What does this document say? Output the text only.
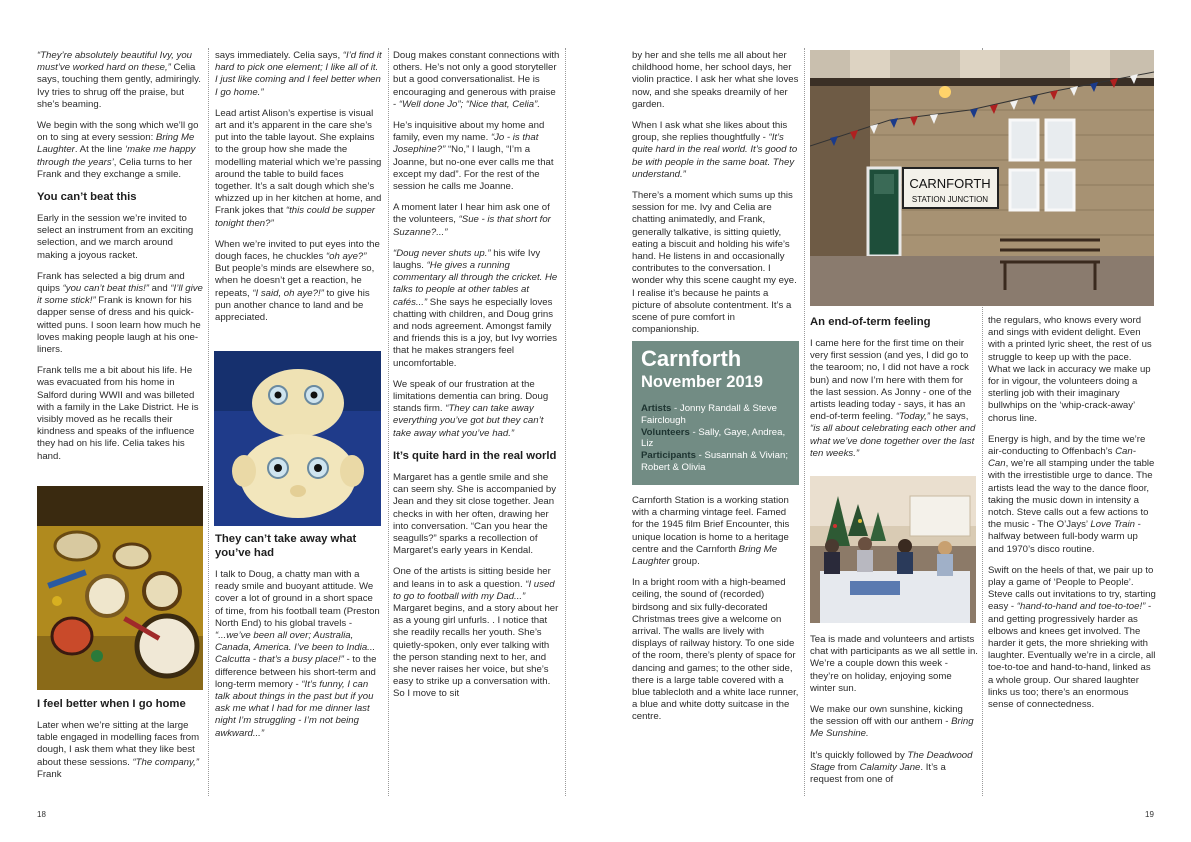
“They’re absolutely beautiful Ivy, you must’ve worked hard on these,” Celia says, touching them gently, admiringly. Ivy tries to shrug off the praise, but she’s beaming.

We begin with the song which we’ll go on to sing at every session: Bring Me Laughter. At the line ‘make me happy through the years’, Celia turns to her Frank and they exchange a smile.

You can’t beat this

Early in the session we’re invited to select an instrument from an exciting selection, and we march around making a joyous racket.

Frank has selected a big drum and quips “you can’t beat this!” and “I’ll give it some stick!” Frank is known for his dapper sense of dress and his quick-witted puns. I soon learn how much he loves making people laugh at his one-liners.

Frank tells me a bit about his life. He was evacuated from his home in Salford during WWII and was billeted with a family in the Lake District. He is visibly moved as he recalls their kindness and speaks of the influence they had on his life. Celia takes his hand.

I feel better when I go home

Later when we’re sitting at the large table engaged in modelling faces from dough, I ask them what they like best about these sessions. “The company,” Frank

says immediately. Celia says, “I’d find it hard to pick one element; I like all of it. I just like coming and I feel better when I go home.”

Lead artist Alison’s expertise is visual art and it’s apparent in the care she’s put into the table layout. She explains to the group how she made the modelling material which we’re passing around the table to build faces together. It’s a salt dough which she’s whizzed up in her kitchen at home, and Frank jokes that “this could be supper tonight then?”

When we’re invited to put eyes into the dough faces, he chuckles “oh aye?” But people’s minds are elsewhere so, when he doesn’t get a reaction, he repeats, “I said, oh aye?!” to give his pun another chance to land and be appreciated.

They can’t take away what you’ve had

I talk to Doug, a chatty man with a ready smile and buoyant attitude. We cover a lot of ground in a short space of time, from his football team (Preston North End) to his global travels - “...we’ve been all over; Australia, Canada, America. I’ve been to India... Calcutta - that’s a busy place!” - to the difference between his short-term and long-term memory - “It’s funny, I can talk about things in the past but if you ask me what I had for me dinner last night I’m struggling - I’m not being awkward...”

Doug makes constant connections with others. He’s not only a good storyteller but a good conversationalist. He is encouraging and generous with praise - “Well done Jo”; “Nice that, Celia”.

He’s inquisitive about my home and family, even my name. “Jo - is that Josephine?” “No,” I laugh, “I’m a Joanne, but no-one ever calls me that except my dad”. For the rest of the session he calls me Joanne.

A moment later I hear him ask one of the volunteers, “Sue - is that short for Suzanne?...”

“Doug never shuts up.” his wife Ivy laughs. “He gives a running commentary all through the cricket. He talks to people at other tables at cafés...” She says he especially loves chatting with children, and Doug grins and nods agreement. Amongst family and friends this is a joy, but Ivy worries that he makes strangers feel uncomfortable.

We speak of our frustration at the limitations dementia can bring. Doug stands firm. “They can take away everything you’ve got but they can’t take away what you’ve had.”

It’s quite hard in the real world

Margaret has a gentle smile and she can seem shy. She is accompanied by Jean and they sit close together. Jean checks in with her often, drawing her into conversation. “Can you hear the seagulls?” sparks a recollection of Margaret’s early years in Kendal.

One of the artists is sitting beside her and leans in to ask a question. “I used to go to football with my Dad...” Margaret begins, and a story about her as a young girl unfurls. . I notice that she readily recalls her youth. She’s quietly-spoken, only ever talking with the person standing next to her, and she never raises her voice, but she’s easy to strike up a conversation with. So I move to sit

by her and she tells me all about her childhood home, her school days, her violin practice. I ask her what she loves now, and she speaks dreamily of her garden.

When I ask what she likes about this group, she replies thoughtfully - “It’s quite hard in the real world. It’s good to be with people in the same boat. They understand.”

There’s a moment which sums up this session for me. Ivy and Celia are chatting animatedly, and Frank, generally talkative, is sitting quietly, eating a biscuit and holding his wife’s hand. He listens in and occasionally contributes to the conversation. I wonder why this scene caught my eye. I realise it’s because he paints a picture of absolute contentment. It’s a scene of pure comfort in companionship.

Carnforth
November 2019
Artists - Jonny Randall & Steve Fairclough
Volunteers - Sally, Gaye, Andrea, Liz
Participants - Susannah & Vivian; Robert & Olivia

Carnforth Station is a working station with a charming vintage feel. Famed for the 1945 film Brief Encounter, this unique location is home to a heritage centre and the Carnforth Bring Me Laughter group.

In a bright room with a high-beamed ceiling, the sound of (recorded) birdsong and six fully-decorated Christmas trees give a welcome on arrival. The walls are lively with displays of railway history. To one side of the room, there’s plenty of space for dancing and games; to the other side, there is a large table covered with a blue tablecloth and a white lace runner, a blue and white dotty suitcase in the centre.

CARNFORTH
STATION JUNCTION
An end-of-term feeling

I came here for the first time on their very first session (and yes, I did go to the tearoom; no, I did not have a rock bun) and now I’m here with them for the last session. As Jonny - one of the artists leading today - says, it has an end-of-term feeling. “Today,” he says, “is all about celebrating each other and what we’ve done together over the last ten weeks.”

Tea is made and volunteers and artists chat with participants as we all settle in. We’re a couple down this week - they’re on holiday, enjoying some winter sun.

We make our own sunshine, kicking the session off with our anthem - Bring Me Sunshine.

It’s quickly followed by The Deadwood Stage from Calamity Jane. It’s a request from one of

the regulars, who knows every word and sings with evident delight. Even with a printed lyric sheet, the rest of us struggle to keep up with the pace. What we lack in accuracy we make up for in vigour, the volunteers doing a sterling job with their imaginary bullwhips on the ‘whip-crack-away’ chorus line.

Energy is high, and by the time we’re air-conducting to Offenbach’s Can-Can, we’re all stamping under the table with the irrestistible urge to dance. The artists lead the way to the dance floor, taking the music down in intensity a notch. Steve calls out a few actions to the music - The O’Jays’ Love Train - halfway between full-body warm up and 1970’s disco routine.

Swift on the heels of that, we pair up to play a game of ‘People to People’. Steve calls out invitations to try, starting easy - “hand-to-hand and toe-to-toe!” - and getting progressively harder as elbows and knees get involved. The harder it gets, the more shrieking with laughter. Eventually we’re in a circle, all toe-to-toe and hand-to-hand, linked as a whole group. Our shared laughter links us too; there’s an enormous sense of connectedness.

18	19
